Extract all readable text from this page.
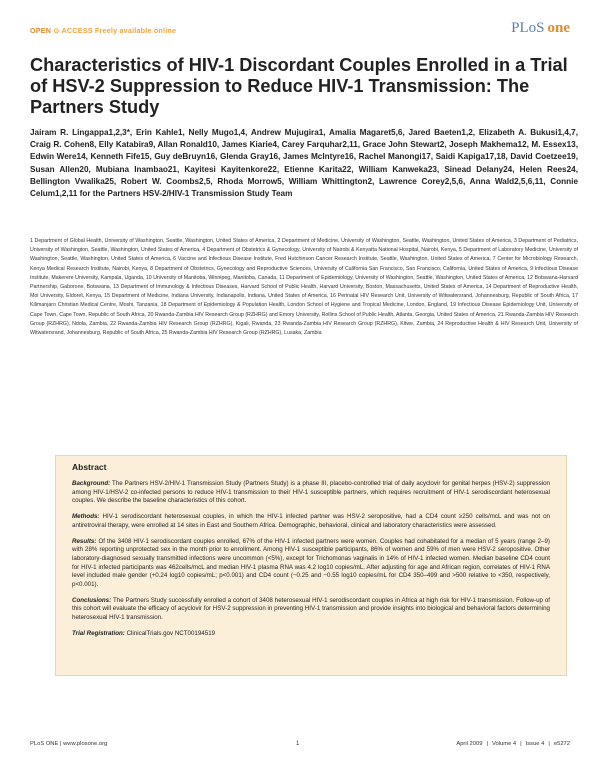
OPEN ⊙ ACCESS Freely available online	PLoS one
Characteristics of HIV-1 Discordant Couples Enrolled in a Trial of HSV-2 Suppression to Reduce HIV-1 Transmission: The Partners Study
Jairam R. Lingappa1,2,3*, Erin Kahle1, Nelly Mugo1,4, Andrew Mujugira1, Amalia Magaret5,6, Jared Baeten1,2, Elizabeth A. Bukusi1,4,7, Craig R. Cohen8, Elly Katabira9, Allan Ronald10, James Kiarie4, Carey Farquhar2,11, Grace John Stewart2, Joseph Makhema12, M. Essex13, Edwin Were14, Kenneth Fife15, Guy deBruyn16, Glenda Gray16, James McIntyre16, Rachel Manongi17, Saidi Kapiga17,18, David Coetzee19, Susan Allen20, Mubiana Inambao21, Kayitesi Kayitenkore22, Etienne Karita22, William Kanweka23, Sinead Delany24, Helen Rees24, Bellington Vwalika25, Robert W. Coombs2,5, Rhoda Morrow5, William Whittington2, Lawrence Corey2,5,6, Anna Wald2,5,6,11, Connie Celum1,2,11 for the Partners HSV-2/HIV-1 Transmission Study Team
1 Department of Global Health, University of Washington, Seattle, Washington, United States of America, 2 Department of Medicine, University of Washington, Seattle, Washington, United States of America, 3 Department of Pediatrics, University of Washington, Seattle, Washington, United States of America, 4 Department of Obstetrics & Gynecology, University of Nairobi & Kenyatta National Hospital, Nairobi, Kenya, 5 Department of Laboratory Medicine, University of Washington, Seattle, Washington, United States of America, 6 Vaccine and Infectious Disease Institute, Fred Hutchinson Cancer Research Institute, Seattle, Washington, United States of America, 7 Center for Microbiology Research, Kenya Medical Research Institute, Nairobi, Kenya, 8 Department of Obstetrics, Gynecology and Reproductive Sciences, University of California San Francisco, San Francisco, California, United States of America, 9 Infectious Disease Institute, Makerere University, Kampala, Uganda, 10 University of Manitoba, Winnipeg, Manitoba, Canada, 11 Department of Epidemiology, University of Washington, Seattle, Washington, United States of America, 12 Botswana-Harvard Partnership, Gaborone, Botswana, 13 Department of Immunology & Infectious Diseases, Harvard School of Public Health, Harvard University, Boston, Massachusetts, United States of America, 14 Department of Reproductive Health, Moi University, Eldoret, Kenya, 15 Department of Medicine, Indiana University, Indianapolis, Indiana, United States of America, 16 Perinatal HIV Research Unit, University of Witwatersrand, Johannesburg, Republic of South Africa, 17 Kilimanjaro Christian Medical Centre, Moshi, Tanzania, 18 Department of Epidemiology & Population Health, London School of Hygiene and Tropical Medicine, London, England, 19 Infectious Disease Epidemiology Unit, University of Cape Town, Cape Town, Republic of South Africa, 20 Rwanda-Zambia HIV Research Group (RZHRG) and Emory University, Rollins School of Public Health, Atlanta, Georgia, United States of America, 21 Rwanda-Zambia HIV Research Group (RZHRG), Ndola, Zambia, 22 Rwanda-Zambia HIV Research Group (RZHRG), Kigali, Rwanda, 23 Rwanda-Zambia HIV Research Group (RZHRG), Kitwe, Zambia, 24 Reproductive Health & HIV Research Unit, University of Witwatersrand, Johannesburg, Republic of South Africa, 25 Rwanda-Zambia HIV Research Group (RZHRG), Lusaka, Zambia
Abstract

Background: The Partners HSV-2/HIV-1 Transmission Study (Partners Study) is a phase III, placebo-controlled trial of daily acyclovir for genital herpes (HSV-2) suppression among HIV-1/HSV-2 co-infected persons to reduce HIV-1 transmission to their HIV-1 susceptible partners, which requires recruitment of HIV-1 serodiscordant heterosexual couples. We describe the baseline characteristics of this cohort.

Methods: HIV-1 serodiscordant heterosexual couples, in which the HIV-1 infected partner was HSV-2 seropositive, had a CD4 count ≥250 cells/mcL and was not on antiretroviral therapy, were enrolled at 14 sites in East and Southern Africa. Demographic, behavioral, clinical and laboratory characteristics were assessed.

Results: Of the 3408 HIV-1 serodiscordant couples enrolled, 67% of the HIV-1 infected partners were women. Couples had cohabitated for a median of 5 years (range 2–9) with 28% reporting unprotected sex in the month prior to enrollment. Among HIV-1 susceptible participants, 86% of women and 59% of men were HSV-2 seropositive. Other laboratory-diagnosed sexually transmitted infections were uncommon (<5%), except for Trichomonas vaginalis in 14% of HIV-1 infected women. Median baseline CD4 count for HIV-1 infected participants was 462cells/mcL and median HIV-1 plasma RNA was 4.2 log10 copies/mL. After adjusting for age and African region, correlates of HIV-1 RNA level included male gender (+0.24 log10 copies/mL; p<0.001) and CD4 count (−0.25 and −0.55 log10 copies/mL for CD4 350–499 and >500 relative to <350, respectively, p<0.001).

Conclusions: The Partners Study successfully enrolled a cohort of 3408 heterosexual HIV-1 serodiscordant couples in Africa at high risk for HIV-1 transmission. Follow-up of this cohort will evaluate the efficacy of acyclovir for HSV-2 suppression in preventing HIV-1 transmission and provide insights into biological and behavioral factors determining heterosexual HIV-1 transmission.

Trial Registration: ClinicalTrials.gov NCT00194519

PLoS ONE | www.plosone.org	1	April 2009 | Volume 4 | Issue 4 | e5272
